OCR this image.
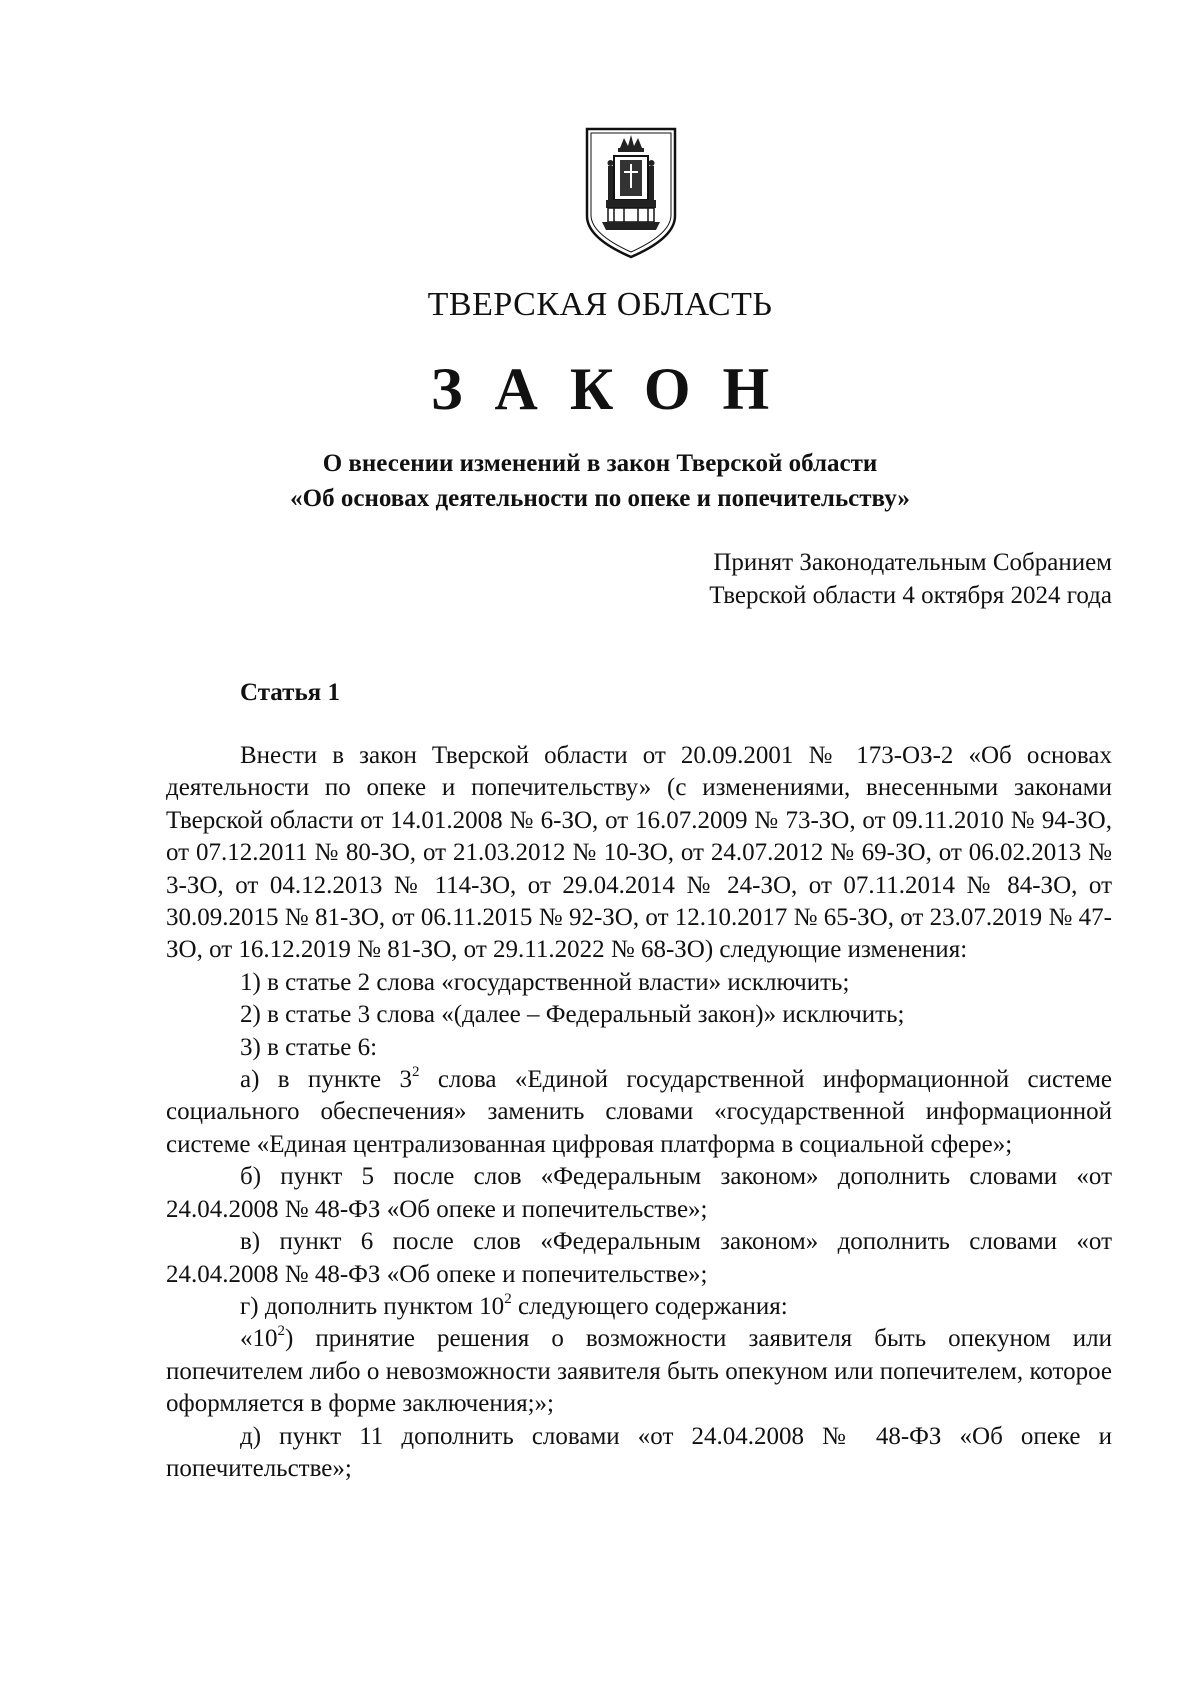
ТВЕРСКАЯ ОБЛАСТЬ
ЗАКОН
О внесении изменений в закон Тверской области
«Об основах деятельности по опеке и попечительству»
Принят Законодательным Собранием
Тверской области 4 октября 2024 года
Статья 1

Внести в закон Тверской области от 20.09.2001 № 173-ОЗ-2 «Об основах деятельности по опеке и попечительству» (с изменениями, внесенными законами Тверской области от 14.01.2008 № 6-ЗО, от 16.07.2009 № 73-ЗО, от 09.11.2010 № 94-ЗО, от 07.12.2011 № 80-ЗО, от 21.03.2012 № 10-ЗО, от 24.07.2012 № 69-ЗО, от 06.02.2013 № 3-ЗО, от 04.12.2013 № 114-ЗО, от 29.04.2014 № 24-ЗО, от 07.11.2014 № 84-ЗО, от 30.09.2015 № 81-ЗО, от 06.11.2015 № 92-ЗО, от 12.10.2017 № 65-ЗО, от 23.07.2019 № 47-ЗО, от 16.12.2019 № 81-ЗО, от 29.11.2022 № 68-ЗО) следующие изменения:

1) в статье 2 слова «государственной власти» исключить;

2) в статье 3 слова «(далее – Федеральный закон)» исключить;

3) в статье 6:

а) в пункте $3^2$ слова «Единой государственной информационной системе социального обеспечения» заменить словами «государственной информационной системе «Единая централизованная цифровая платформа в социальной сфере»;

б) пункт 5 после слов «Федеральным законом» дополнить словами «от 24.04.2008 № 48-ФЗ «Об опеке и попечительстве»;

в) пункт 6 после слов «Федеральным законом» дополнить словами «от 24.04.2008 № 48-ФЗ «Об опеке и попечительстве»;

г) дополнить пунктом $10^2$ следующего содержания:

«$10^2$) принятие решения о возможности заявителя быть опекуном или попечителем либо о невозможности заявителя быть опекуном или попечителем, которое оформляется в форме заключения;»;

д) пункт 11 дополнить словами «от 24.04.2008 № 48-ФЗ «Об опеке и попечительстве»;
